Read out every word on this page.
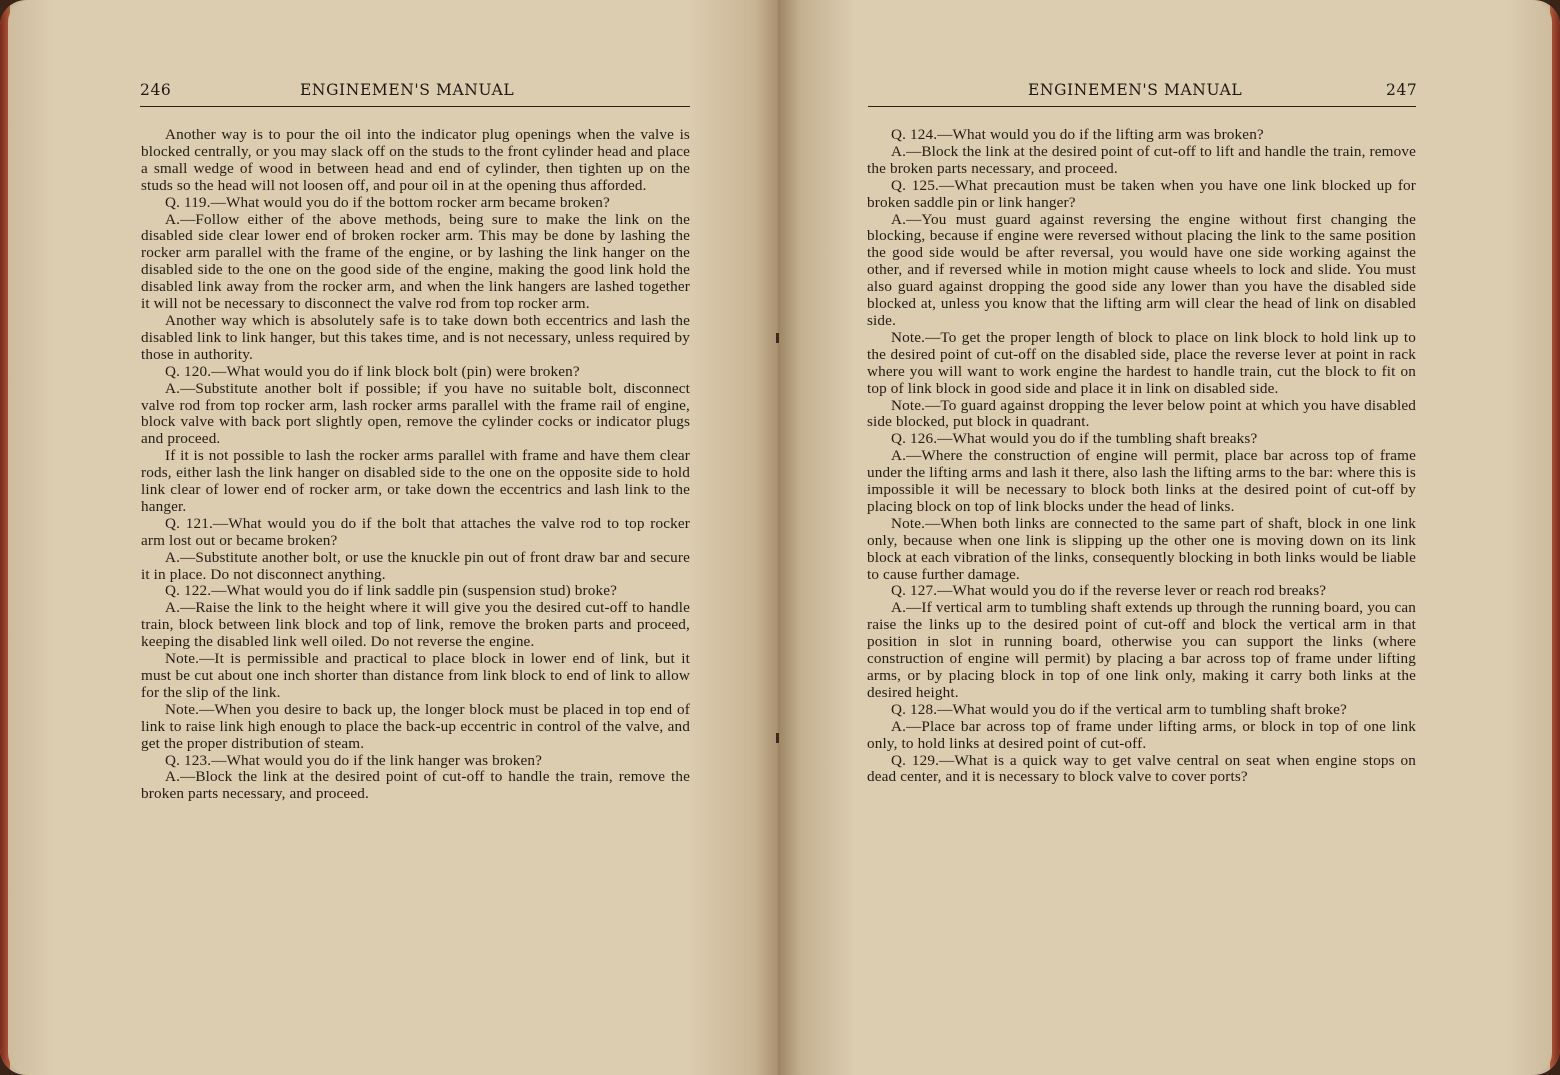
246	ENGINEMEN'S MANUAL

Another way is to pour the oil into the indicator plug openings when the valve is blocked centrally, or you may slack off on the studs to the front cylinder head and place a small wedge of wood in between head and end of cylinder, then tighten up on the studs so the head will not loosen off, and pour oil in at the opening thus afforded.

Q. 119.—What would you do if the bottom rocker arm became broken?

A.—Follow either of the above methods, being sure to make the link on the disabled side clear lower end of broken rocker arm. This may be done by lashing the rocker arm parallel with the frame of the engine, or by lashing the link hanger on the disabled side to the one on the good side of the engine, making the good link hold the disabled link away from the rocker arm, and when the link hangers are lashed together it will not be necessary to disconnect the valve rod from top rocker arm.

Another way which is absolutely safe is to take down both eccentrics and lash the disabled link to link hanger, but this takes time, and is not necessary, unless required by those in authority.

Q. 120.—What would you do if link block bolt (pin) were broken?

A.—Substitute another bolt if possible; if you have no suitable bolt, disconnect valve rod from top rocker arm, lash rocker arms parallel with the frame rail of engine, block valve with back port slightly open, remove the cylinder cocks or indicator plugs and proceed.

If it is not possible to lash the rocker arms parallel with frame and have them clear rods, either lash the link hanger on disabled side to the one on the opposite side to hold link clear of lower end of rocker arm, or take down the eccentrics and lash link to the hanger.

Q. 121.—What would you do if the bolt that attaches the valve rod to top rocker arm lost out or became broken?

A.—Substitute another bolt, or use the knuckle pin out of front draw bar and secure it in place. Do not disconnect anything.

Q. 122.—What would you do if link saddle pin (suspension stud) broke?

A.—Raise the link to the height where it will give you the desired cut-off to handle train, block between link block and top of link, remove the broken parts and proceed, keeping the disabled link well oiled. Do not reverse the engine.

Note.—It is permissible and practical to place block in lower end of link, but it must be cut about one inch shorter than distance from link block to end of link to allow for the slip of the link.

Note.—When you desire to back up, the longer block must be placed in top end of link to raise link high enough to place the back-up eccentric in control of the valve, and get the proper distribution of steam.

Q. 123.—What would you do if the link hanger was broken?

A.—Block the link at the desired point of cut-off to handle the train, remove the broken parts necessary, and proceed.

ENGINEMEN'S MANUAL	247

Q. 124.—What would you do if the lifting arm was broken?

A.—Block the link at the desired point of cut-off to lift and handle the train, remove the broken parts necessary, and proceed.

Q. 125.—What precaution must be taken when you have one link blocked up for broken saddle pin or link hanger?

A.—You must guard against reversing the engine without first changing the blocking, because if engine were reversed without placing the link to the same position the good side would be after reversal, you would have one side working against the other, and if reversed while in motion might cause wheels to lock and slide. You must also guard against dropping the good side any lower than you have the disabled side blocked at, unless you know that the lifting arm will clear the head of link on disabled side.

Note.—To get the proper length of block to place on link block to hold link up to the desired point of cut-off on the disabled side, place the reverse lever at point in rack where you will want to work engine the hardest to handle train, cut the block to fit on top of link block in good side and place it in link on disabled side.

Note.—To guard against dropping the lever below point at which you have disabled side blocked, put block in quadrant.

Q. 126.—What would you do if the tumbling shaft breaks?

A.—Where the construction of engine will permit, place bar across top of frame under the lifting arms and lash it there, also lash the lifting arms to the bar: where this is impossible it will be necessary to block both links at the desired point of cut-off by placing block on top of link blocks under the head of links.

Note.—When both links are connected to the same part of shaft, block in one link only, because when one link is slipping up the other one is moving down on its link block at each vibration of the links, consequently blocking in both links would be liable to cause further damage.

Q. 127.—What would you do if the reverse lever or reach rod breaks?

A.—If vertical arm to tumbling shaft extends up through the running board, you can raise the links up to the desired point of cut-off and block the vertical arm in that position in slot in running board, otherwise you can support the links (where construction of engine will permit) by placing a bar across top of frame under lifting arms, or by placing block in top of one link only, making it carry both links at the desired height.

Q. 128.—What would you do if the vertical arm to tumbling shaft broke?

A.—Place bar across top of frame under lifting arms, or block in top of one link only, to hold links at desired point of cut-off.

Q. 129.—What is a quick way to get valve central on seat when engine stops on dead center, and it is necessary to block valve to cover ports?
